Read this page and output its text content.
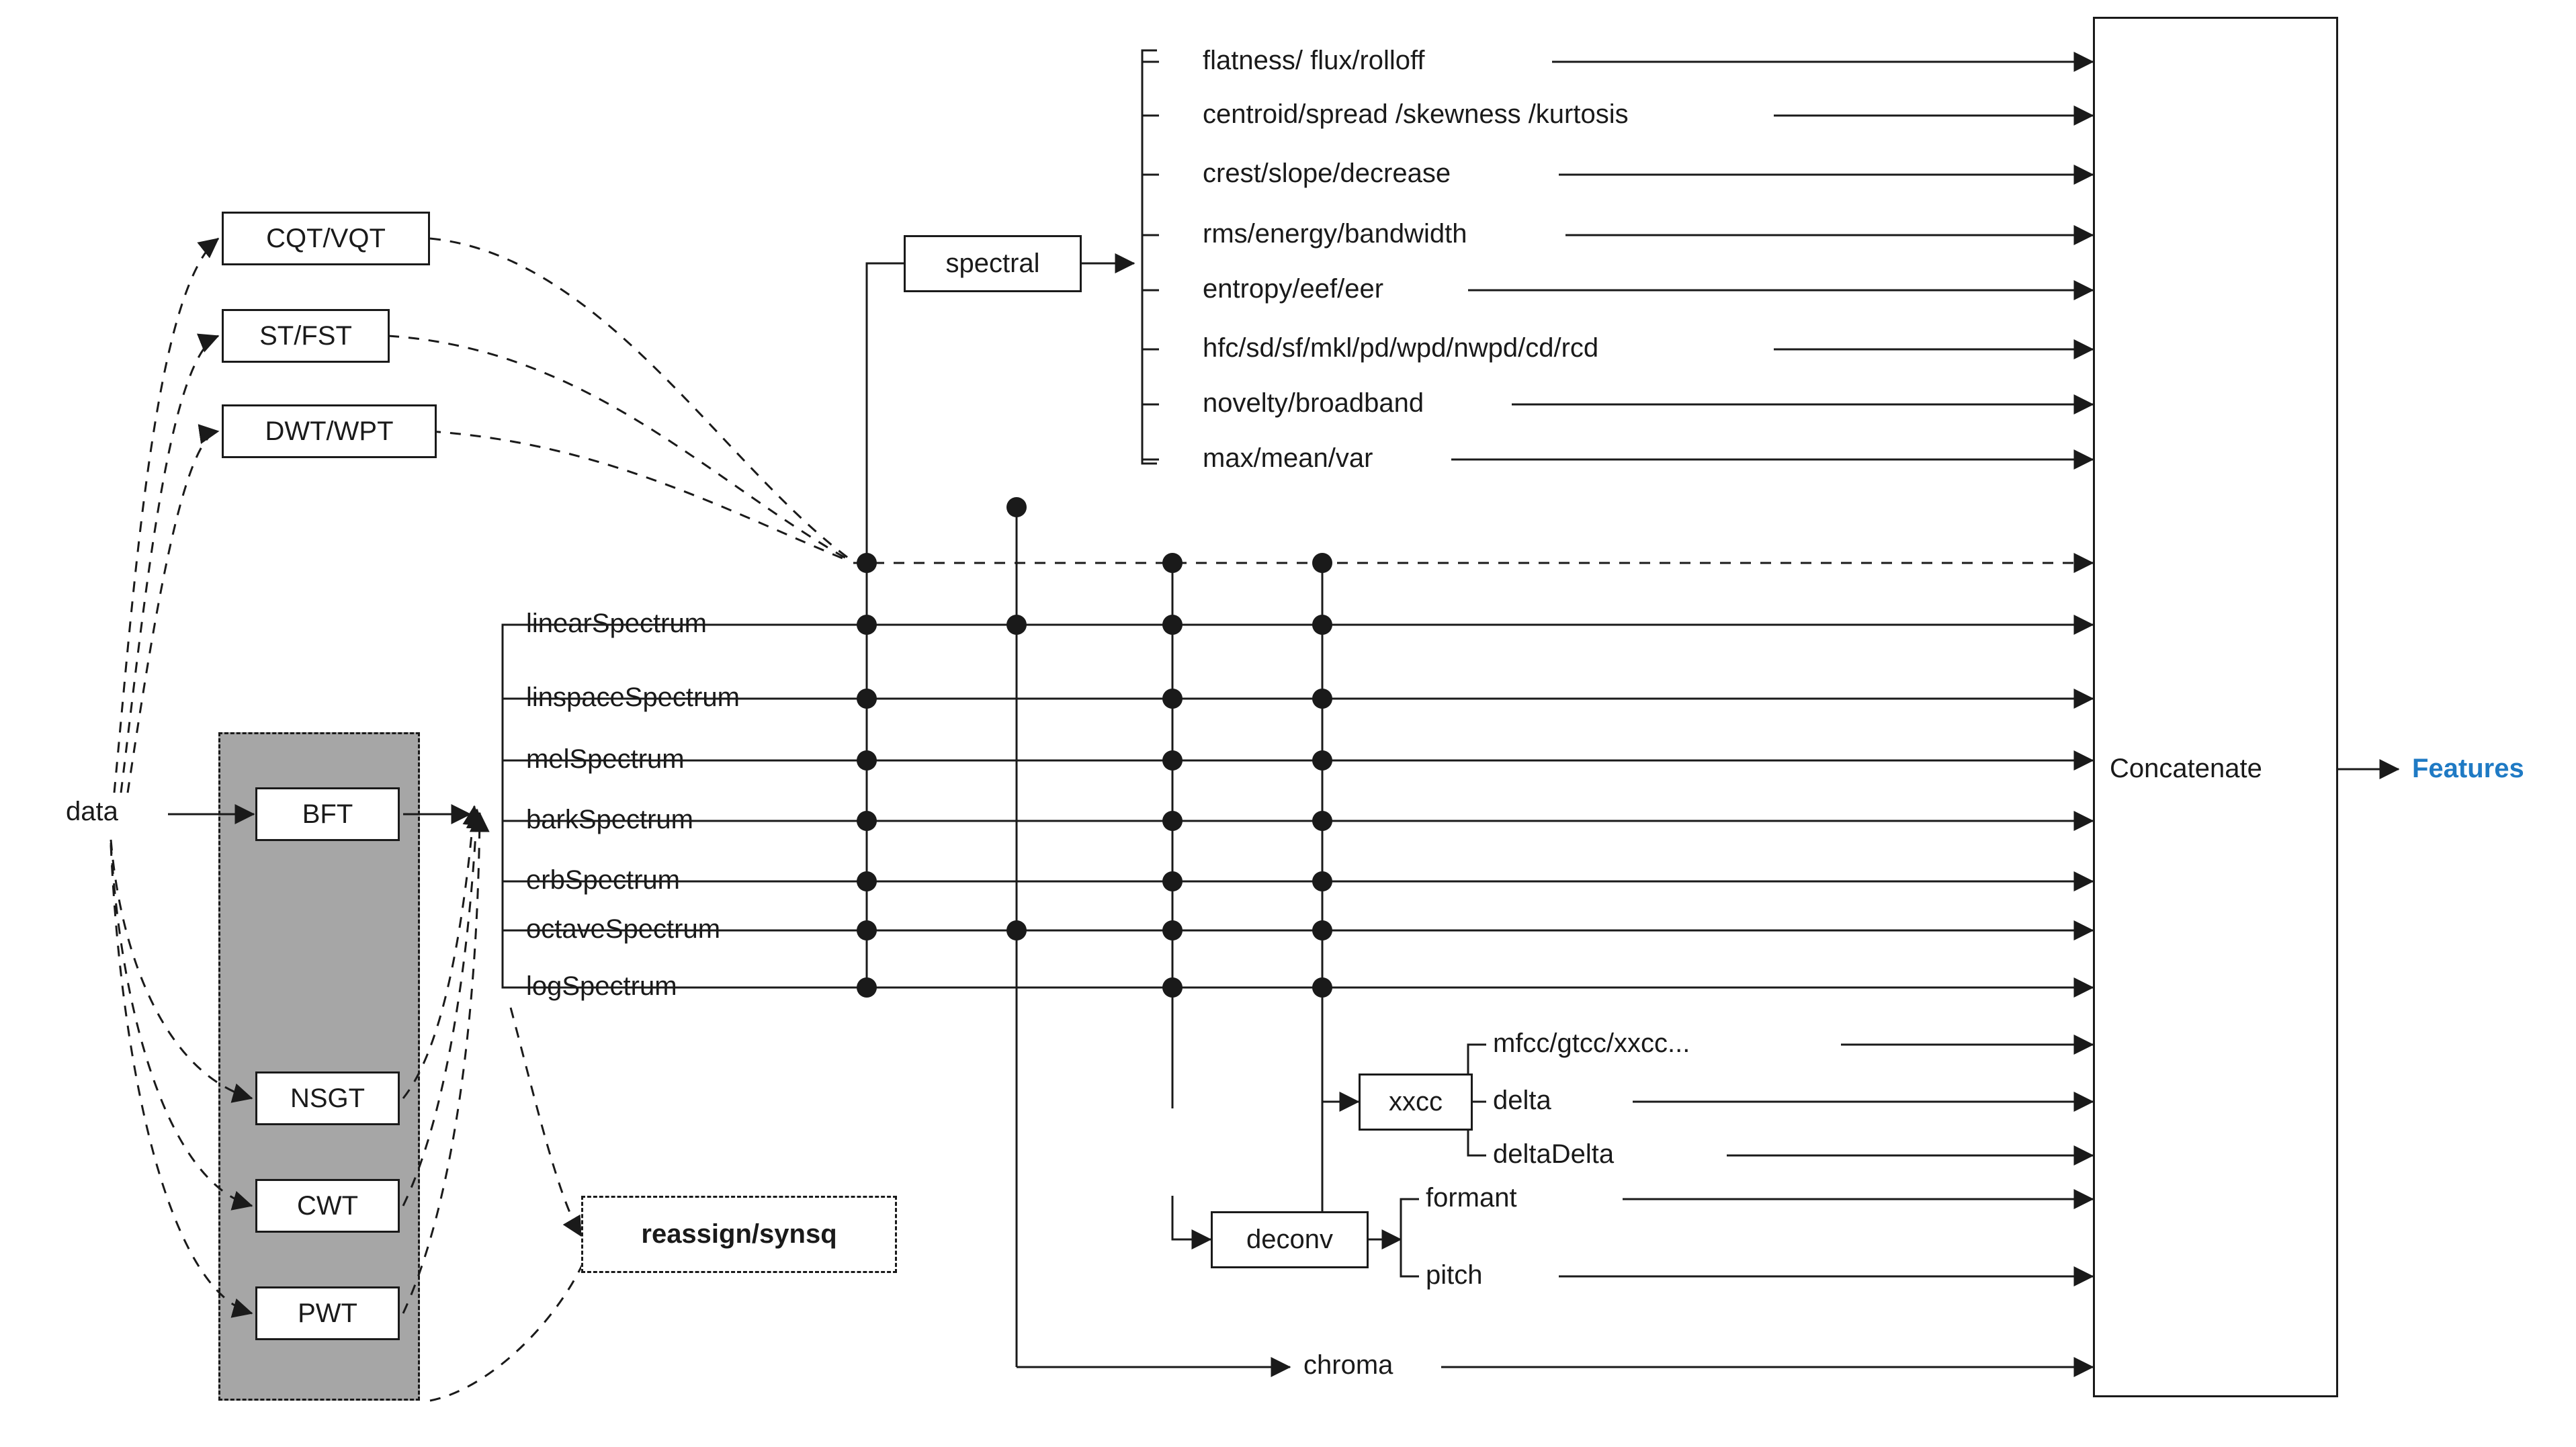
data
CQT/VQT
ST/FST
DWT/WPT
BFT
NSGT
CWT
PWT
reassign/synsq
spectral
xxcc
deconv
flatness/ flux/rolloff
centroid/spread /skewness /kurtosis
crest/slope/decrease
rms/energy/bandwidth
entropy/eef/eer
hfc/sd/sf/mkl/pd/wpd/nwpd/cd/rcd
novelty/broadband
max/mean/var
linearSpectrum
linspaceSpectrum
melSpectrum
barkSpectrum
erbSpectrum
octaveSpectrum
logSpectrum
mfcc/gtcc/xxcc...
delta
deltaDelta
formant
pitch
chroma
Concatenate	Features
